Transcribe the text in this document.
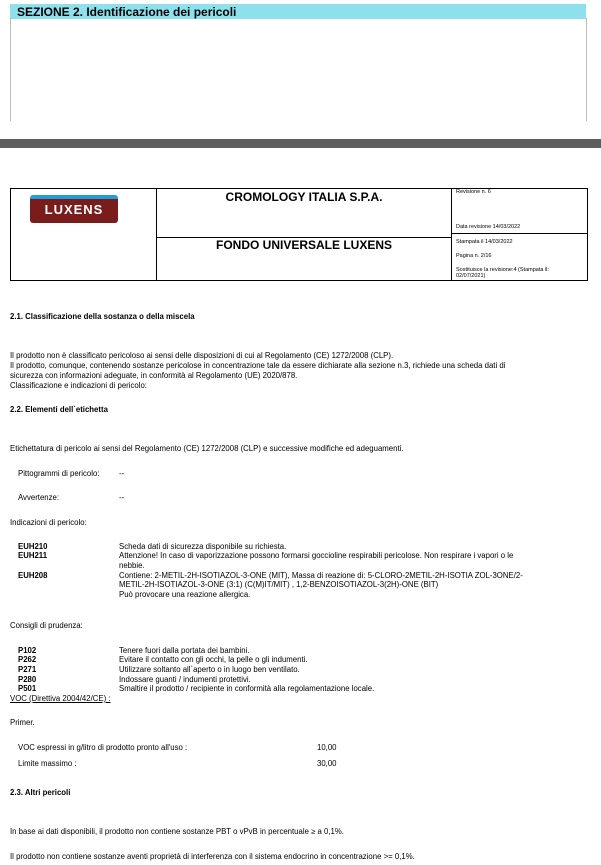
SEZIONE 2. Identificazione dei pericoli
LUXENS
CROMOLOGY ITALIA S.P.A.
FONDO UNIVERSALE LUXENS
Revisione n. 6
Data revisione 14/03/2022
Stampata il 14/03/2022
Pagina n. 2/16
Sostituisce la revisione:4 (Stampata il:
02/07/2021)
2.1. Classificazione della sostanza o della miscela
Il prodotto non è classificato pericoloso ai sensi delle disposizioni di cui al Regolamento (CE) 1272/2008 (CLP).
Il prodotto, comunque, contenendo sostanze pericolose in concentrazione tale da essere dichiarate alla sezione n.3, richiede una scheda dati di
sicurezza con informazioni adeguate, in conformità al Regolamento (UE) 2020/878.
Classificazione e indicazioni di pericolo:
2.2. Elementi dell`etichetta
Etichettatura di pericolo ai sensi del Regolamento (CE) 1272/2008 (CLP) e successive modifiche ed adeguamenti.
Pittogrammi di pericolo:	--
Avvertenze:	--
Indicazioni di pericolo:
EUH210	Scheda dati di sicurezza disponibile su richiesta.
EUH211	Attenzione! In caso di vaporizzazione possono formarsi goccioline respirabili pericolose. Non respirare i vapori o le
nebbie.
EUH208	Contiene: 2-METIL-2H-ISOTIAZOL-3-ONE (MIT), Massa di reazione di: 5-CLORO-2METIL-2H-ISOTIA ZOL-3ONE/2-
METIL-2H-ISOTIAZOL-3-ONE (3:1) (C(M)IT/MIT) , 1,2-BENZOISOTIAZOL-3(2H)-ONE (BIT)
Può provocare una reazione allergica.
Consigli di prudenza:
P102	Tenere fuori dalla portata dei bambini.
P262	Evitare il contatto con gli occhi, la pelle o gli indumenti.
P271	Utilizzare soltanto all`aperto o in luogo ben ventilato.
P280	Indossare guanti / indumenti protettivi.
P501	Smaltire il prodotto / recipiente in conformità alla regolamentazione locale.
VOC (Direttiva 2004/42/CE) :
Primer.
VOC espressi in g/litro di prodotto pronto all'uso :	10,00
Limite massimo :	30,00
2.3. Altri pericoli
In base ai dati disponibili, il prodotto non contiene sostanze PBT o vPvB in percentuale ≥ a 0,1%.
Il prodotto non contiene sostanze aventi proprietà di interferenza con il sistema endocrino in concentrazione >= 0,1%.
